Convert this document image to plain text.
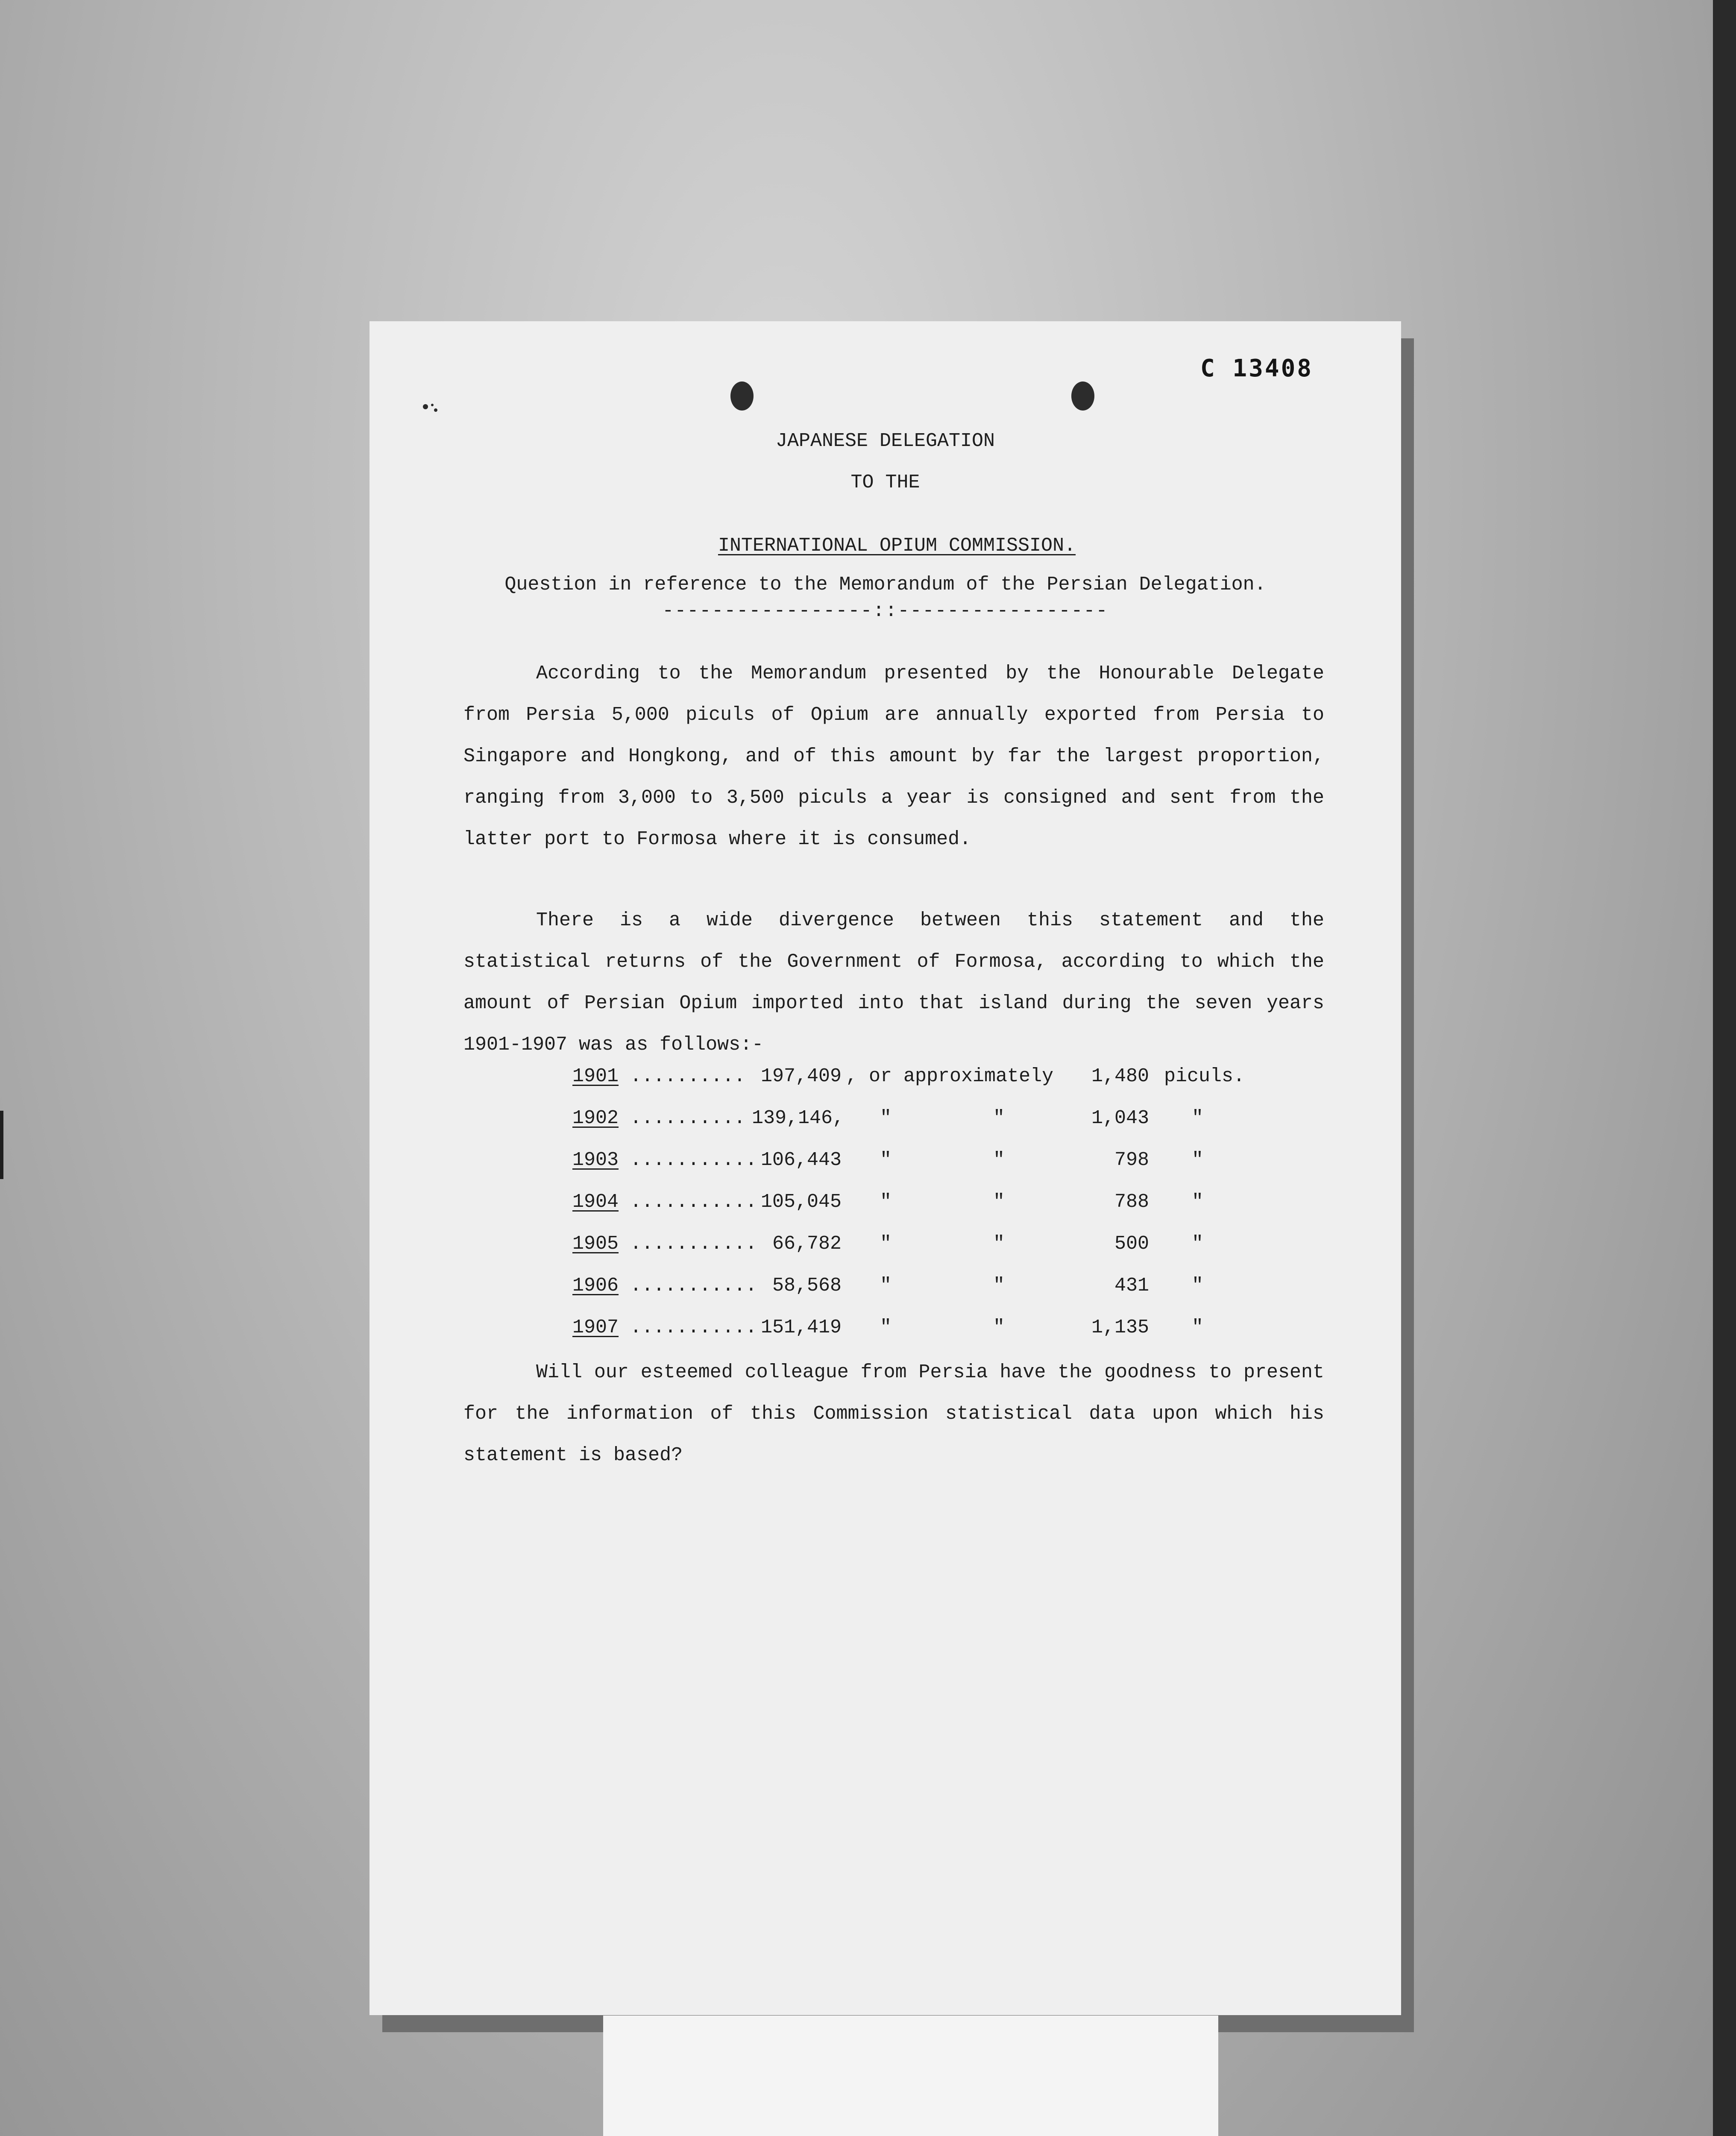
C 13408
JAPANESE DELEGATION
TO THE

INTERNATIONAL OPIUM COMMISSION.

Question in reference to the Memorandum of the Persian Delegation.
-----------------::-----------------

According to the Memorandum presented by the Honourable Delegate from Persia 5,000 piculs of Opium are annually exported from Persia to Singapore and Hongkong, and of this amount by far the largest proportion, ranging from 3,000 to 3,500 piculs a year is consigned and sent from the latter port to Formosa where it is consumed.

There is a wide divergence between this statement and the statistical returns of the Government of Formosa, according to which the amount of Persian Opium imported into that island during the seven years 1901-1907 was as follows:-

1901 .......... 197,409 , or approximately	1,480 piculs.
1902 .......... 139,146, "	"	1,043 "
1903 ........... 106,443 "	"	798 "
1904 ........... 105,045 "	"	788 "
1905 ........... 66,782 "	"	500 "
1906 ........... 58,568 "	"	431 "
1907 ........... 151,419 "	"	1,135 "

Will our esteemed colleague from Persia have the goodness to present for the information of this Commission statistical data upon which his statement is based?
